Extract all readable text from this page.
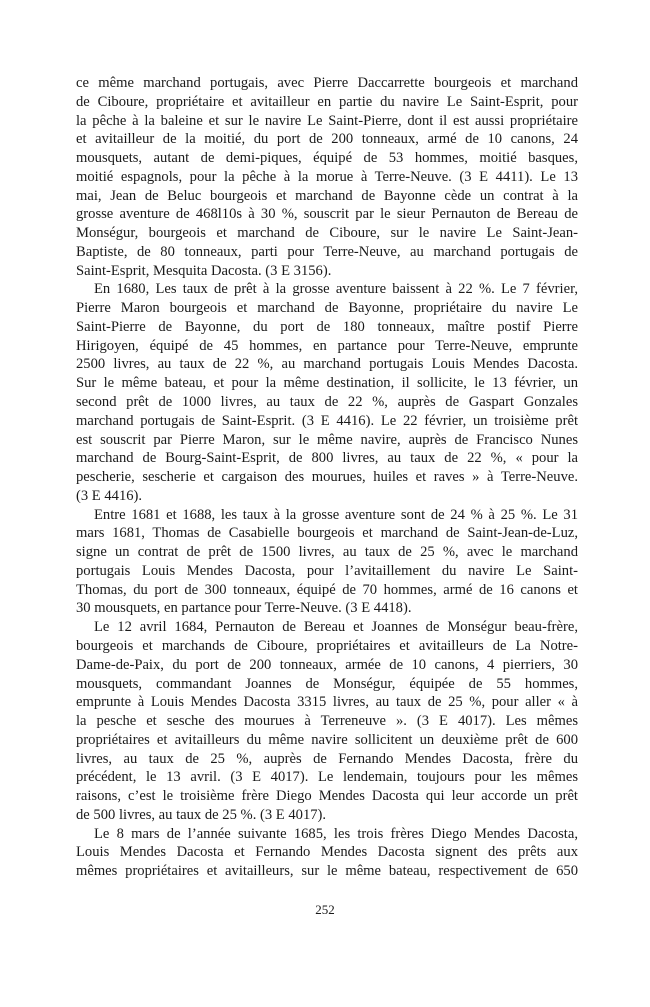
ce même marchand portugais, avec Pierre Daccarrette bourgeois et marchand
de Ciboure, propriétaire et avitailleur en partie du navire Le Saint-Esprit, pour
la pêche à la baleine et sur le navire Le Saint-Pierre, dont il est aussi propriétaire
et avitailleur de la moitié, du port de 200 tonneaux, armé de 10 canons, 24
mousquets, autant de demi-piques, équipé de 53 hommes, moitié basques,
moitié espagnols, pour la pêche à la morue à Terre-Neuve. (3 E 4411). Le 13
mai, Jean de Beluc bourgeois et marchand de Bayonne cède un contrat à la
grosse aventure de 468l10s à 30 %, souscrit par le sieur Pernauton de Bereau de
Monségur, bourgeois et marchand de Ciboure, sur le navire Le Saint-Jean-
Baptiste, de 80 tonneaux, parti pour Terre-Neuve, au marchand portugais de
Saint-Esprit, Mesquita Dacosta. (3 E 3156).
En 1680, Les taux de prêt à la grosse aventure baissent à 22 %. Le 7 février,
Pierre Maron bourgeois et marchand de Bayonne, propriétaire du navire Le
Saint-Pierre de Bayonne, du port de 180 tonneaux, maître postif Pierre
Hirigoyen, équipé de 45 hommes, en partance pour Terre-Neuve, emprunte
2500 livres, au taux de 22 %, au marchand portugais Louis Mendes Dacosta.
Sur le même bateau, et pour la même destination, il sollicite, le 13 février, un
second prêt de 1000 livres, au taux de 22 %, auprès de Gaspart Gonzales
marchand portugais de Saint-Esprit. (3 E 4416). Le 22 février, un troisième prêt
est souscrit par Pierre Maron, sur le même navire, auprès de Francisco Nunes
marchand de Bourg-Saint-Esprit, de 800 livres, au taux de 22 %, « pour la
pescherie, sescherie et cargaison des mourues, huiles et raves » à Terre-Neuve.
(3 E 4416).
Entre 1681 et 1688, les taux à la grosse aventure sont de 24 % à 25 %. Le 31
mars 1681, Thomas de Casabielle bourgeois et marchand de Saint-Jean-de-Luz,
signe un contrat de prêt de 1500 livres, au taux de 25 %, avec le marchand
portugais Louis Mendes Dacosta, pour l’avitaillement du navire Le Saint-
Thomas, du port de 300 tonneaux, équipé de 70 hommes, armé de 16 canons et
30 mousquets, en partance pour Terre-Neuve. (3 E 4418).
Le 12 avril 1684, Pernauton de Bereau et Joannes de Monségur beau-frère,
bourgeois et marchands de Ciboure, propriétaires et avitailleurs de La Notre-
Dame-de-Paix, du port de 200 tonneaux, armée de 10 canons, 4 pierriers, 30
mousquets, commandant Joannes de Monségur, équipée de 55 hommes,
emprunte à Louis Mendes Dacosta 3315 livres, au taux de 25 %, pour aller « à
la pesche et sesche des mourues à Terreneuve ». (3 E 4017). Les mêmes
propriétaires et avitailleurs du même navire sollicitent un deuxième prêt de 600
livres, au taux de 25 %, auprès de Fernando Mendes Dacosta, frère du
précédent, le 13 avril. (3 E 4017). Le lendemain, toujours pour les mêmes
raisons, c’est le troisième frère Diego Mendes Dacosta qui leur accorde un prêt
de 500 livres, au taux de 25 %. (3 E 4017).
Le 8 mars de l’année suivante 1685, les trois frères Diego Mendes Dacosta,
Louis Mendes Dacosta et Fernando Mendes Dacosta signent des prêts aux
mêmes propriétaires et avitailleurs, sur le même bateau, respectivement de 650
252
